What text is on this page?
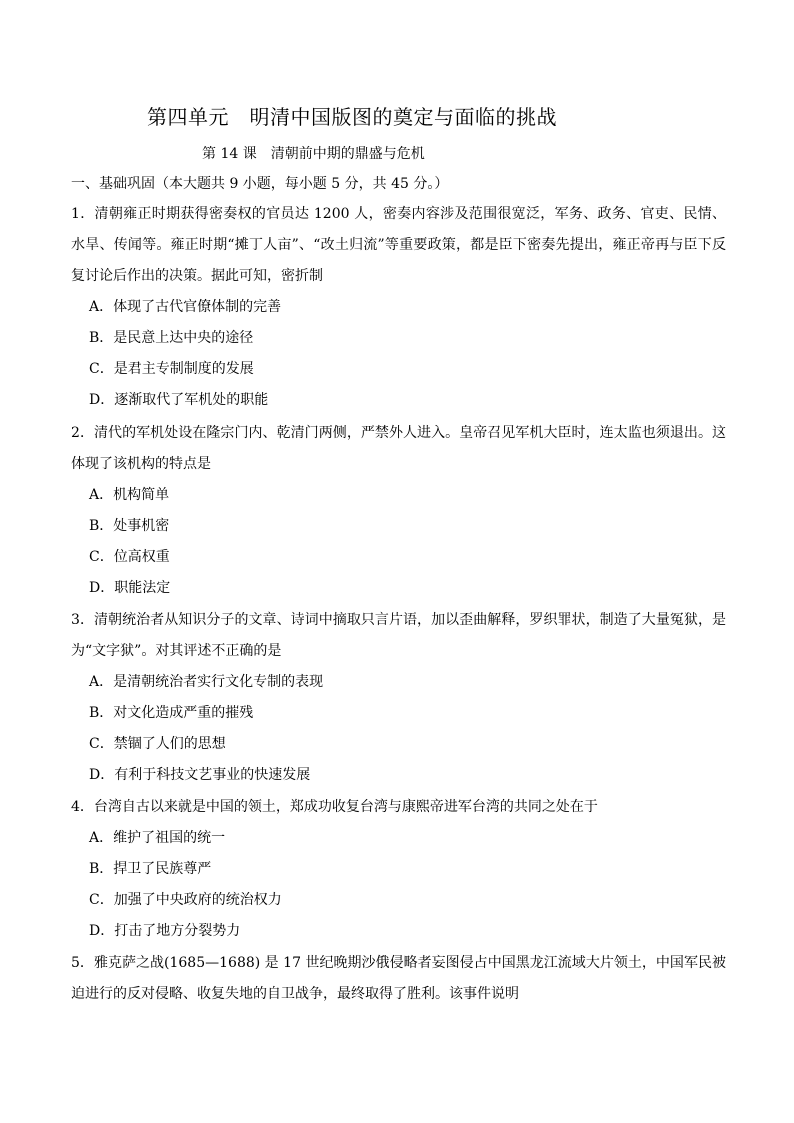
第四单元　明清中国版图的奠定与面临的挑战
第 14 课　清朝前中期的鼎盛与危机
一、基础巩固（本大题共 9 小题，每小题 5 分，共 45 分。）

1．清朝雍正时期获得密奏权的官员达 1200 人，密奏内容涉及范围很宽泛，军务、政务、官吏、民情、水旱、传闻等。雍正时期“摊丁人亩”、“改土归流”等重要政策，都是臣下密奏先提出，雍正帝再与臣下反复讨论后作出的决策。据此可知，密折制

A．体现了古代官僚体制的完善
B．是民意上达中央的途径
C．是君主专制制度的发展
D．逐渐取代了军机处的职能

2．清代的军机处设在隆宗门内、乾清门两侧，严禁外人进入。皇帝召见军机大臣时，连太监也须退出。这体现了该机构的特点是

A．机构简单
B．处事机密
C．位高权重
D．职能法定

3．清朝统治者从知识分子的文章、诗词中摘取只言片语，加以歪曲解释，罗织罪状，制造了大量冤狱，是为“文字狱”。对其评述不正确的是

A．是清朝统治者实行文化专制的表现
B．对文化造成严重的摧残
C．禁锢了人们的思想
D．有利于科技文艺事业的快速发展

4．台湾自古以来就是中国的领土，郑成功收复台湾与康熙帝进军台湾的共同之处在于

A．维护了祖国的统一
B．捍卫了民族尊严
C．加强了中央政府的统治权力
D．打击了地方分裂势力

5．雅克萨之战(1685—1688) 是 17 世纪晚期沙俄侵略者妄图侵占中国黑龙江流域大片领土，中国军民被迫进行的反对侵略、收复失地的自卫战争，最终取得了胜利。该事件说明
